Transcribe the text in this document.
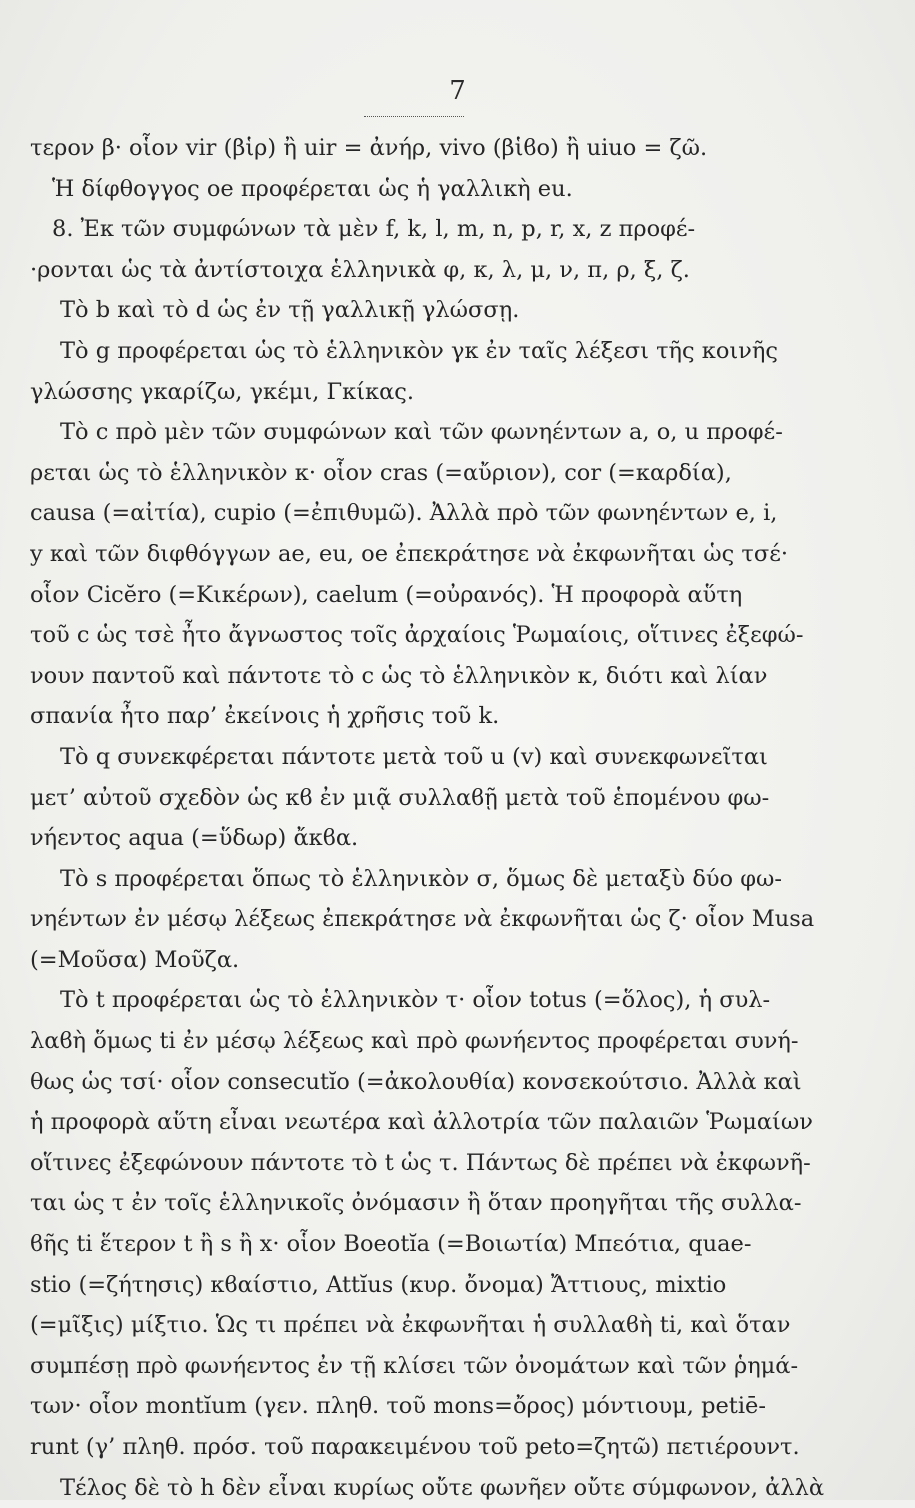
7
τερον β· οἷον vir (βἱρ) ἢ uir = ἀνήρ, vivo (βἱϐο) ἢ uiuo = ζῶ.
Ἡ δίφθογγος oe προφέρεται ὡς ἡ γαλλικὴ eu.
8. Ἐκ τῶν συμφώνων τὰ μὲν f, k, l, m, n, p, r, x, z προφέ-
·ρονται ὡς τὰ ἀντίστοιχα ἑλληνικὰ φ, κ, λ, μ, ν, π, ρ, ξ, ζ.
Τὸ b καὶ τὸ d ὡς ἐν τῇ γαλλικῇ γλώσσῃ.
Τὸ g προφέρεται ὡς τὸ ἑλληνικὸν γκ ἐν ταῖς λέξεσι τῆς κοινῆς
γλώσσης γκαρίζω, γκέμι, Γκίκας.
Τὸ c πρὸ μὲν τῶν συμφώνων καὶ τῶν φωνηέντων a, o, u προφέ-
ρεται ὡς τὸ ἑλληνικὸν κ· οἷον cras (=αὔριον), cor (=καρδία),
causa (=αἰτία), cupio (=ἐπιθυμῶ). Ἀλλὰ πρὸ τῶν φωνηέντων e, i,
y καὶ τῶν διφθόγγων ae, eu, oe ἐπεκράτησε νὰ ἐκφωνῆται ὡς τσέ·
οἷον Cicĕro (=Κικέρων), caelum (=οὐρανός). Ἡ προφορὰ αὕτη
τοῦ c ὡς τσὲ ἦτο ἄγνωστος τοῖς ἀρχαίοις Ῥωμαίοις, οἵτινες ἐξεφώ-
νουν παντοῦ καὶ πάντοτε τὸ c ὡς τὸ ἑλληνικὸν κ, διότι καὶ λίαν
σπανία ἦτο παρ’ ἐκείνοις ἡ χρῆσις τοῦ k.
Τὸ q συνεκφέρεται πάντοτε μετὰ τοῦ u (v) καὶ συνεκφωνεῖται
μετ’ αὐτοῦ σχεδὸν ὡς κϐ ἐν μιᾷ συλλαϐῇ μετὰ τοῦ ἑπομένου φω-
νήεντος aqua (=ὕδωρ) ἄκϐα.
Τὸ s προφέρεται ὅπως τὸ ἑλληνικὸν σ, ὅμως δὲ μεταξὺ δύο φω-
νηέντων ἐν μέσῳ λέξεως ἐπεκράτησε νὰ ἐκφωνῆται ὡς ζ· οἷον Musa
(=Μοῦσα) Μοῦζα.
Τὸ t προφέρεται ὡς τὸ ἑλληνικὸν τ· οἷον totus (=ὅλος), ἡ συλ-
λαϐὴ ὅμως ti ἐν μέσῳ λέξεως καὶ πρὸ φωνήεντος προφέρεται συνή-
θως ὡς τσί· οἷον consecutĭo (=ἀκολουθία) κονσεκούτσιο. Ἀλλὰ καὶ
ἡ προφορὰ αὕτη εἶναι νεωτέρα καὶ ἀλλοτρία τῶν παλαιῶν Ῥωμαίων
οἵτινες ἐξεφώνουν πάντοτε τὸ t ὡς τ. Πάντως δὲ πρέπει νὰ ἐκφωνῆ-
ται ὡς τ ἐν τοῖς ἑλληνικοῖς ὀνόμασιν ἢ ὅταν προηγῆται τῆς συλλα-
ϐῆς ti ἕτερον t ἢ s ἢ x· οἷον Boeotĭa (=Βοιωτία) Μπεότια, quae-
stio (=ζήτησις) κϐαίστιο, Attĭus (κυρ. ὄνομα) Ἄττιους, mixtio
(=μῖξις) μίξτιο. Ὡς τι πρέπει νὰ ἐκφωνῆται ἡ συλλαϐὴ ti, καὶ ὅταν
συμπέσῃ πρὸ φωνήεντος ἐν τῇ κλίσει τῶν ὀνομάτων καὶ τῶν ῥημά-
των· οἷον montĭum (γεν. πληθ. τοῦ mons=ὄρος) μόντιουμ, petiē-
runt (γ’ πληθ. πρόσ. τοῦ παρακειμένου τοῦ peto=ζητῶ) πετιέρουντ.
Τέλος δὲ τὸ h δὲν εἶναι κυρίως οὔτε φωνῆεν οὔτε σύμφωνον, ἀλλὰ
